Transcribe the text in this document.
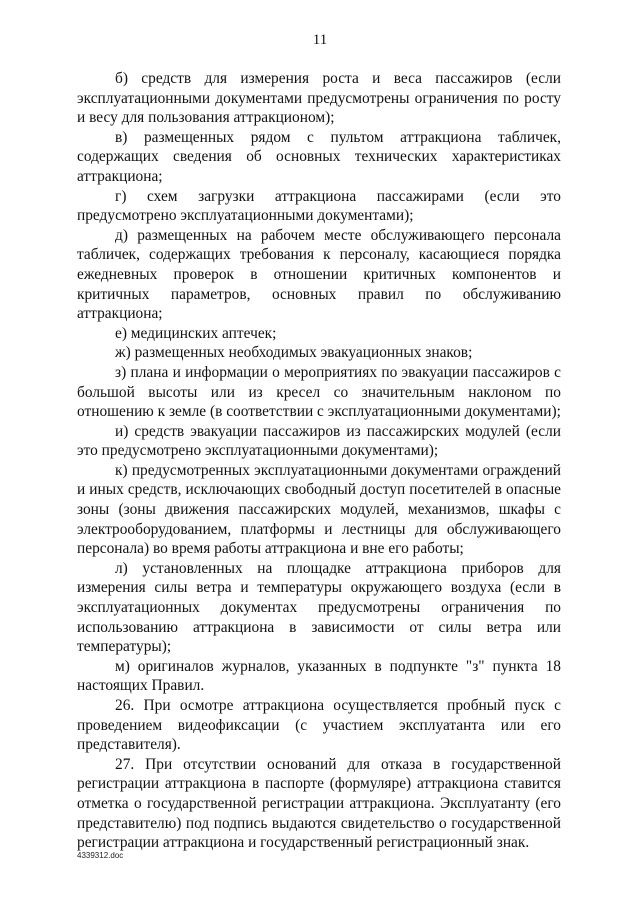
11

б) средств для измерения роста и веса пассажиров (если эксплуатационными документами предусмотрены ограничения по росту и весу для пользования аттракционом);

в) размещенных рядом с пультом аттракциона табличек, содержащих сведения об основных технических характеристиках аттракциона;

г) схем загрузки аттракциона пассажирами (если это предусмотрено эксплуатационными документами);

д) размещенных на рабочем месте обслуживающего персонала табличек, содержащих требования к персоналу, касающиеся порядка ежедневных проверок в отношении критичных компонентов и критичных параметров, основных правил по обслуживанию аттракциона;

е) медицинских аптечек;

ж) размещенных необходимых эвакуационных знаков;

з) плана и информации о мероприятиях по эвакуации пассажиров с большой высоты или из кресел со значительным наклоном по отношению к земле (в соответствии с эксплуатационными документами);

и) средств эвакуации пассажиров из пассажирских модулей (если это предусмотрено эксплуатационными документами);

к) предусмотренных эксплуатационными документами ограждений и иных средств, исключающих свободный доступ посетителей в опасные зоны (зоны движения пассажирских модулей, механизмов, шкафы с электрооборудованием, платформы и лестницы для обслуживающего персонала) во время работы аттракциона и вне его работы;

л) установленных на площадке аттракциона приборов для измерения силы ветра и температуры окружающего воздуха (если в эксплуатационных документах предусмотрены ограничения по использованию аттракциона в зависимости от силы ветра или температуры);

м) оригиналов журналов, указанных в подпункте "з" пункта 18 настоящих Правил.

26. При осмотре аттракциона осуществляется пробный пуск с проведением видеофиксации (с участием эксплуатанта или его представителя).

27. При отсутствии оснований для отказа в государственной регистрации аттракциона в паспорте (формуляре) аттракциона ставится отметка о государственной регистрации аттракциона. Эксплуатанту (его представителю) под подпись выдаются свидетельство о государственной регистрации аттракциона и государственный регистрационный знак.

4339312.doc
